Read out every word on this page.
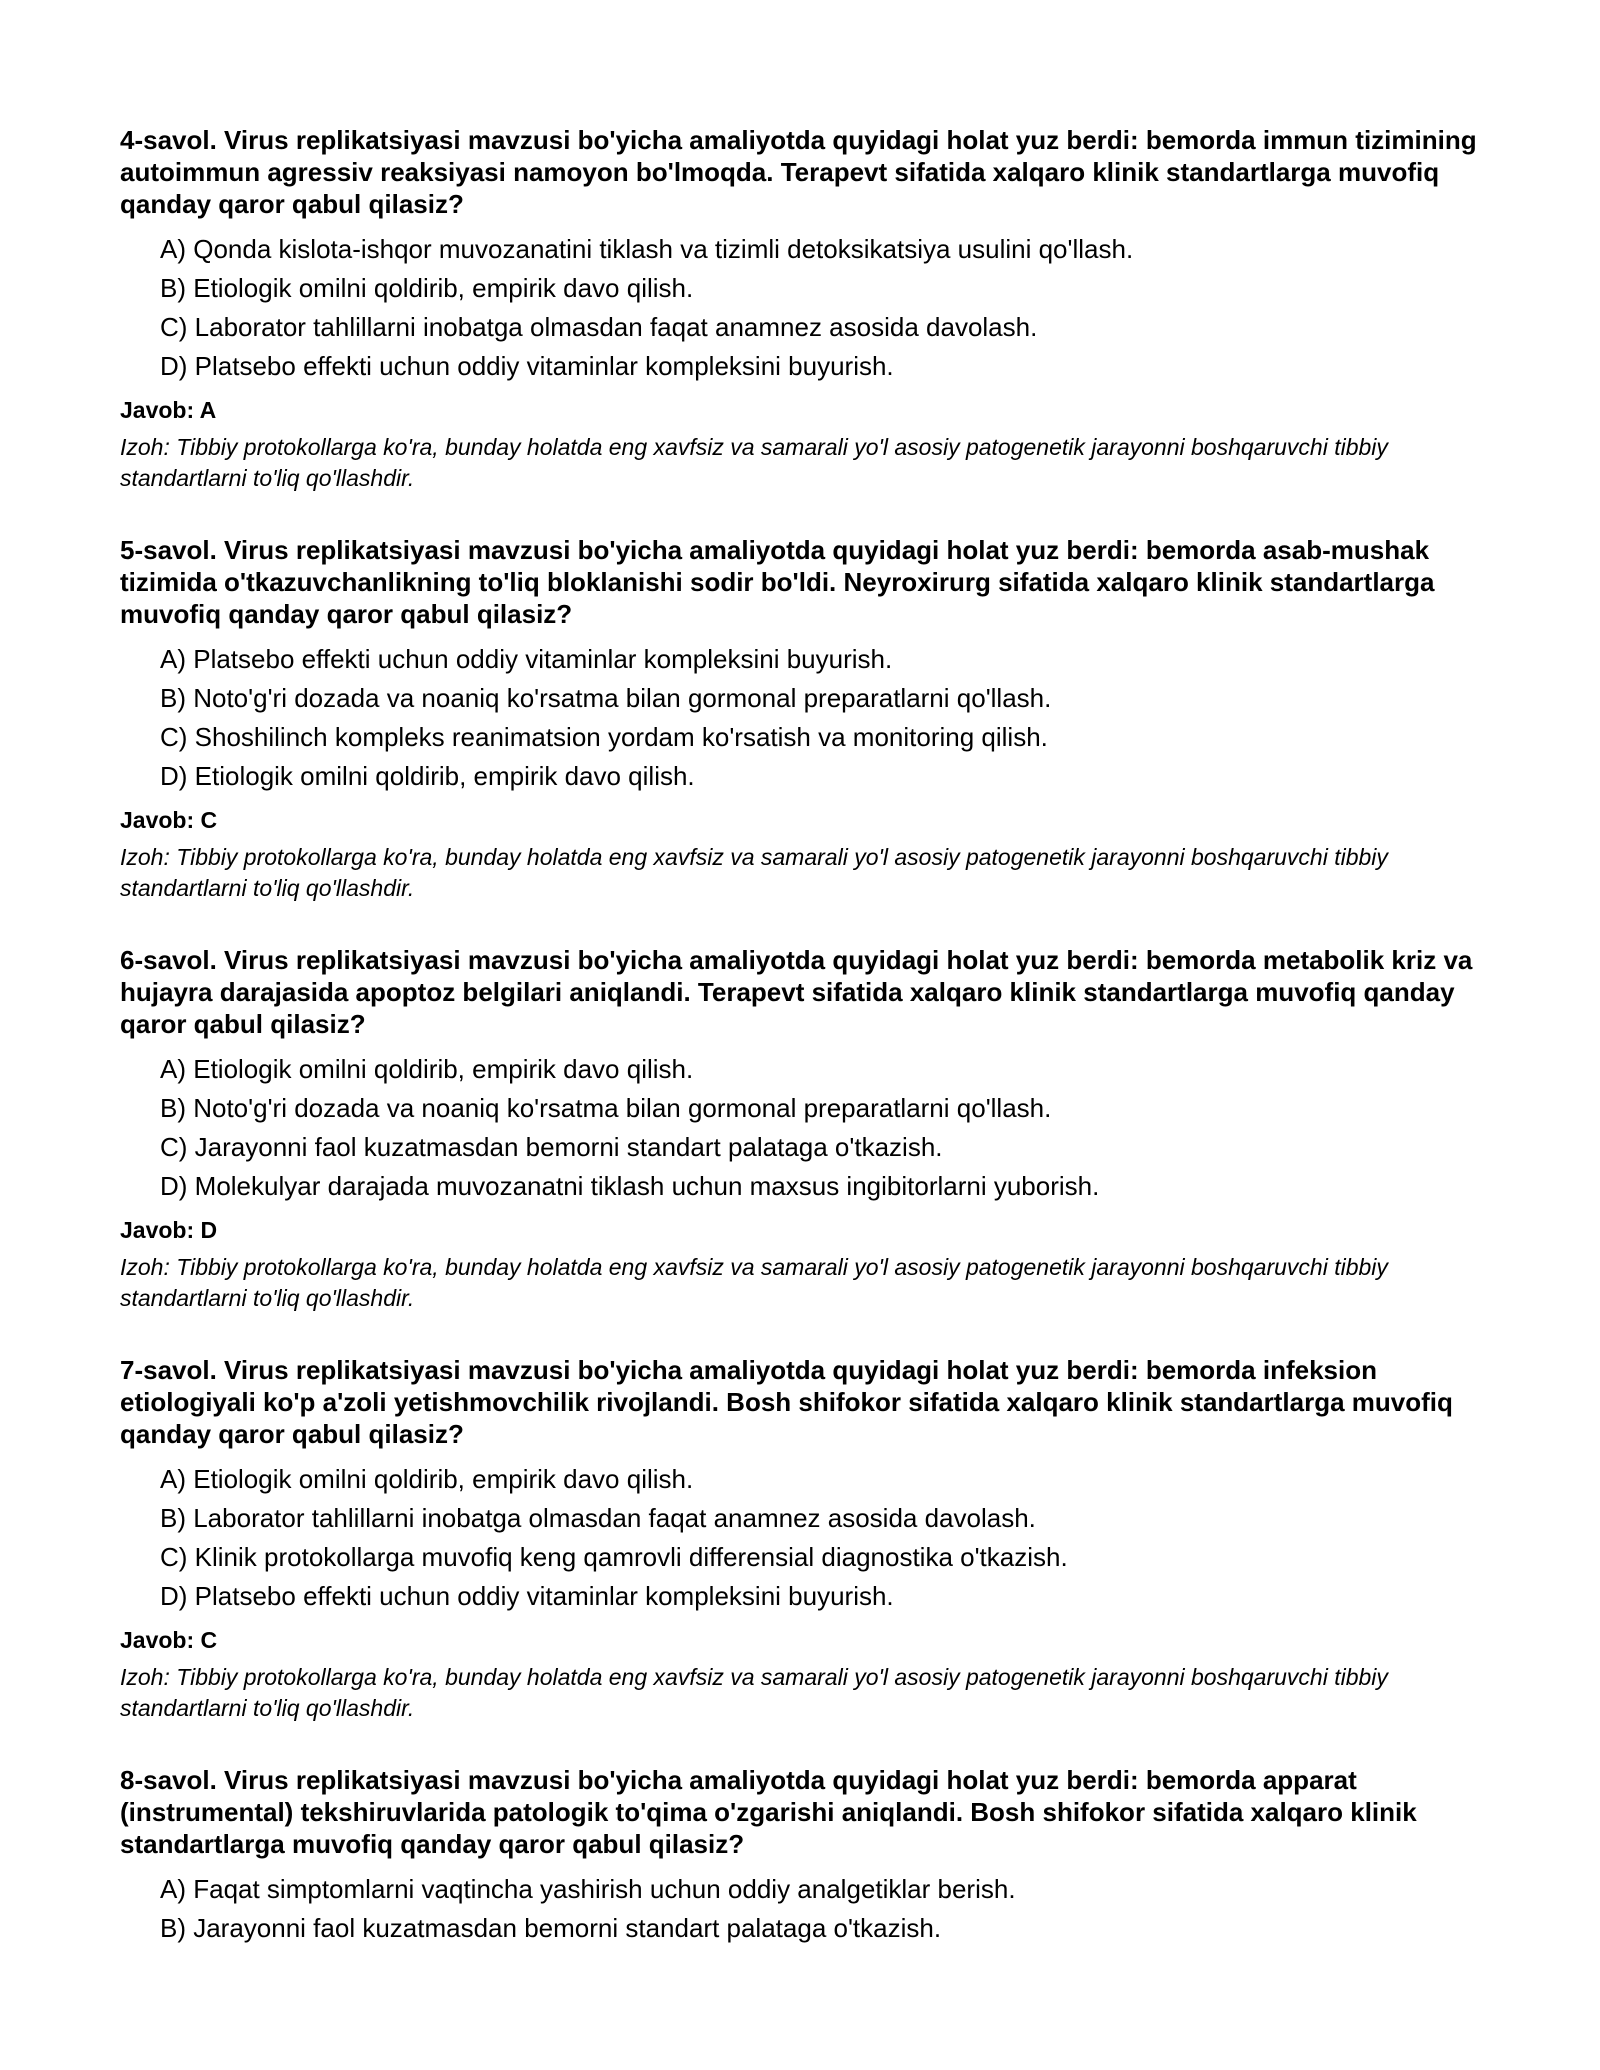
4-savol. Virus replikatsiyasi mavzusi bo'yicha amaliyotda quyidagi holat yuz berdi: bemorda immun tizimining autoimmun agressiv reaksiyasi namoyon bo'lmoqda. Terapevt sifatida xalqaro klinik standartlarga muvofiq qanday qaror qabul qilasiz?

A) Qonda kislota-ishqor muvozanatini tiklash va tizimli detoksikatsiya usulini qo'llash.
B) Etiologik omilni qoldirib, empirik davo qilish.
C) Laborator tahlillarni inobatga olmasdan faqat anamnez asosida davolash.
D) Platsebo effekti uchun oddiy vitaminlar kompleksini buyurish.

Javob: A

Izoh: Tibbiy protokollarga ko'ra, bunday holatda eng xavfsiz va samarali yo'l asosiy patogenetik jarayonni boshqaruvchi tibbiy standartlarni to'liq qo'llashdir.

5-savol. Virus replikatsiyasi mavzusi bo'yicha amaliyotda quyidagi holat yuz berdi: bemorda asab-mushak tizimida o'tkazuvchanlikning to'liq bloklanishi sodir bo'ldi. Neyroxirurg sifatida xalqaro klinik standartlarga muvofiq qanday qaror qabul qilasiz?

A) Platsebo effekti uchun oddiy vitaminlar kompleksini buyurish.
B) Noto'g'ri dozada va noaniq ko'rsatma bilan gormonal preparatlarni qo'llash.
C) Shoshilinch kompleks reanimatsion yordam ko'rsatish va monitoring qilish.
D) Etiologik omilni qoldirib, empirik davo qilish.

Javob: C

Izoh: Tibbiy protokollarga ko'ra, bunday holatda eng xavfsiz va samarali yo'l asosiy patogenetik jarayonni boshqaruvchi tibbiy standartlarni to'liq qo'llashdir.

6-savol. Virus replikatsiyasi mavzusi bo'yicha amaliyotda quyidagi holat yuz berdi: bemorda metabolik kriz va hujayra darajasida apoptoz belgilari aniqlandi. Terapevt sifatida xalqaro klinik standartlarga muvofiq qanday qaror qabul qilasiz?

A) Etiologik omilni qoldirib, empirik davo qilish.
B) Noto'g'ri dozada va noaniq ko'rsatma bilan gormonal preparatlarni qo'llash.
C) Jarayonni faol kuzatmasdan bemorni standart palataga o'tkazish.
D) Molekulyar darajada muvozanatni tiklash uchun maxsus ingibitorlarni yuborish.

Javob: D

Izoh: Tibbiy protokollarga ko'ra, bunday holatda eng xavfsiz va samarali yo'l asosiy patogenetik jarayonni boshqaruvchi tibbiy standartlarni to'liq qo'llashdir.

7-savol. Virus replikatsiyasi mavzusi bo'yicha amaliyotda quyidagi holat yuz berdi: bemorda infeksion etiologiyali ko'p a'zoli yetishmovchilik rivojlandi. Bosh shifokor sifatida xalqaro klinik standartlarga muvofiq qanday qaror qabul qilasiz?

A) Etiologik omilni qoldirib, empirik davo qilish.
B) Laborator tahlillarni inobatga olmasdan faqat anamnez asosida davolash.
C) Klinik protokollarga muvofiq keng qamrovli differensial diagnostika o'tkazish.
D) Platsebo effekti uchun oddiy vitaminlar kompleksini buyurish.

Javob: C

Izoh: Tibbiy protokollarga ko'ra, bunday holatda eng xavfsiz va samarali yo'l asosiy patogenetik jarayonni boshqaruvchi tibbiy standartlarni to'liq qo'llashdir.

8-savol. Virus replikatsiyasi mavzusi bo'yicha amaliyotda quyidagi holat yuz berdi: bemorda apparat (instrumental) tekshiruvlarida patologik to'qima o'zgarishi aniqlandi. Bosh shifokor sifatida xalqaro klinik standartlarga muvofiq qanday qaror qabul qilasiz?

A) Faqat simptomlarni vaqtincha yashirish uchun oddiy analgetiklar berish.
B) Jarayonni faol kuzatmasdan bemorni standart palataga o'tkazish.
